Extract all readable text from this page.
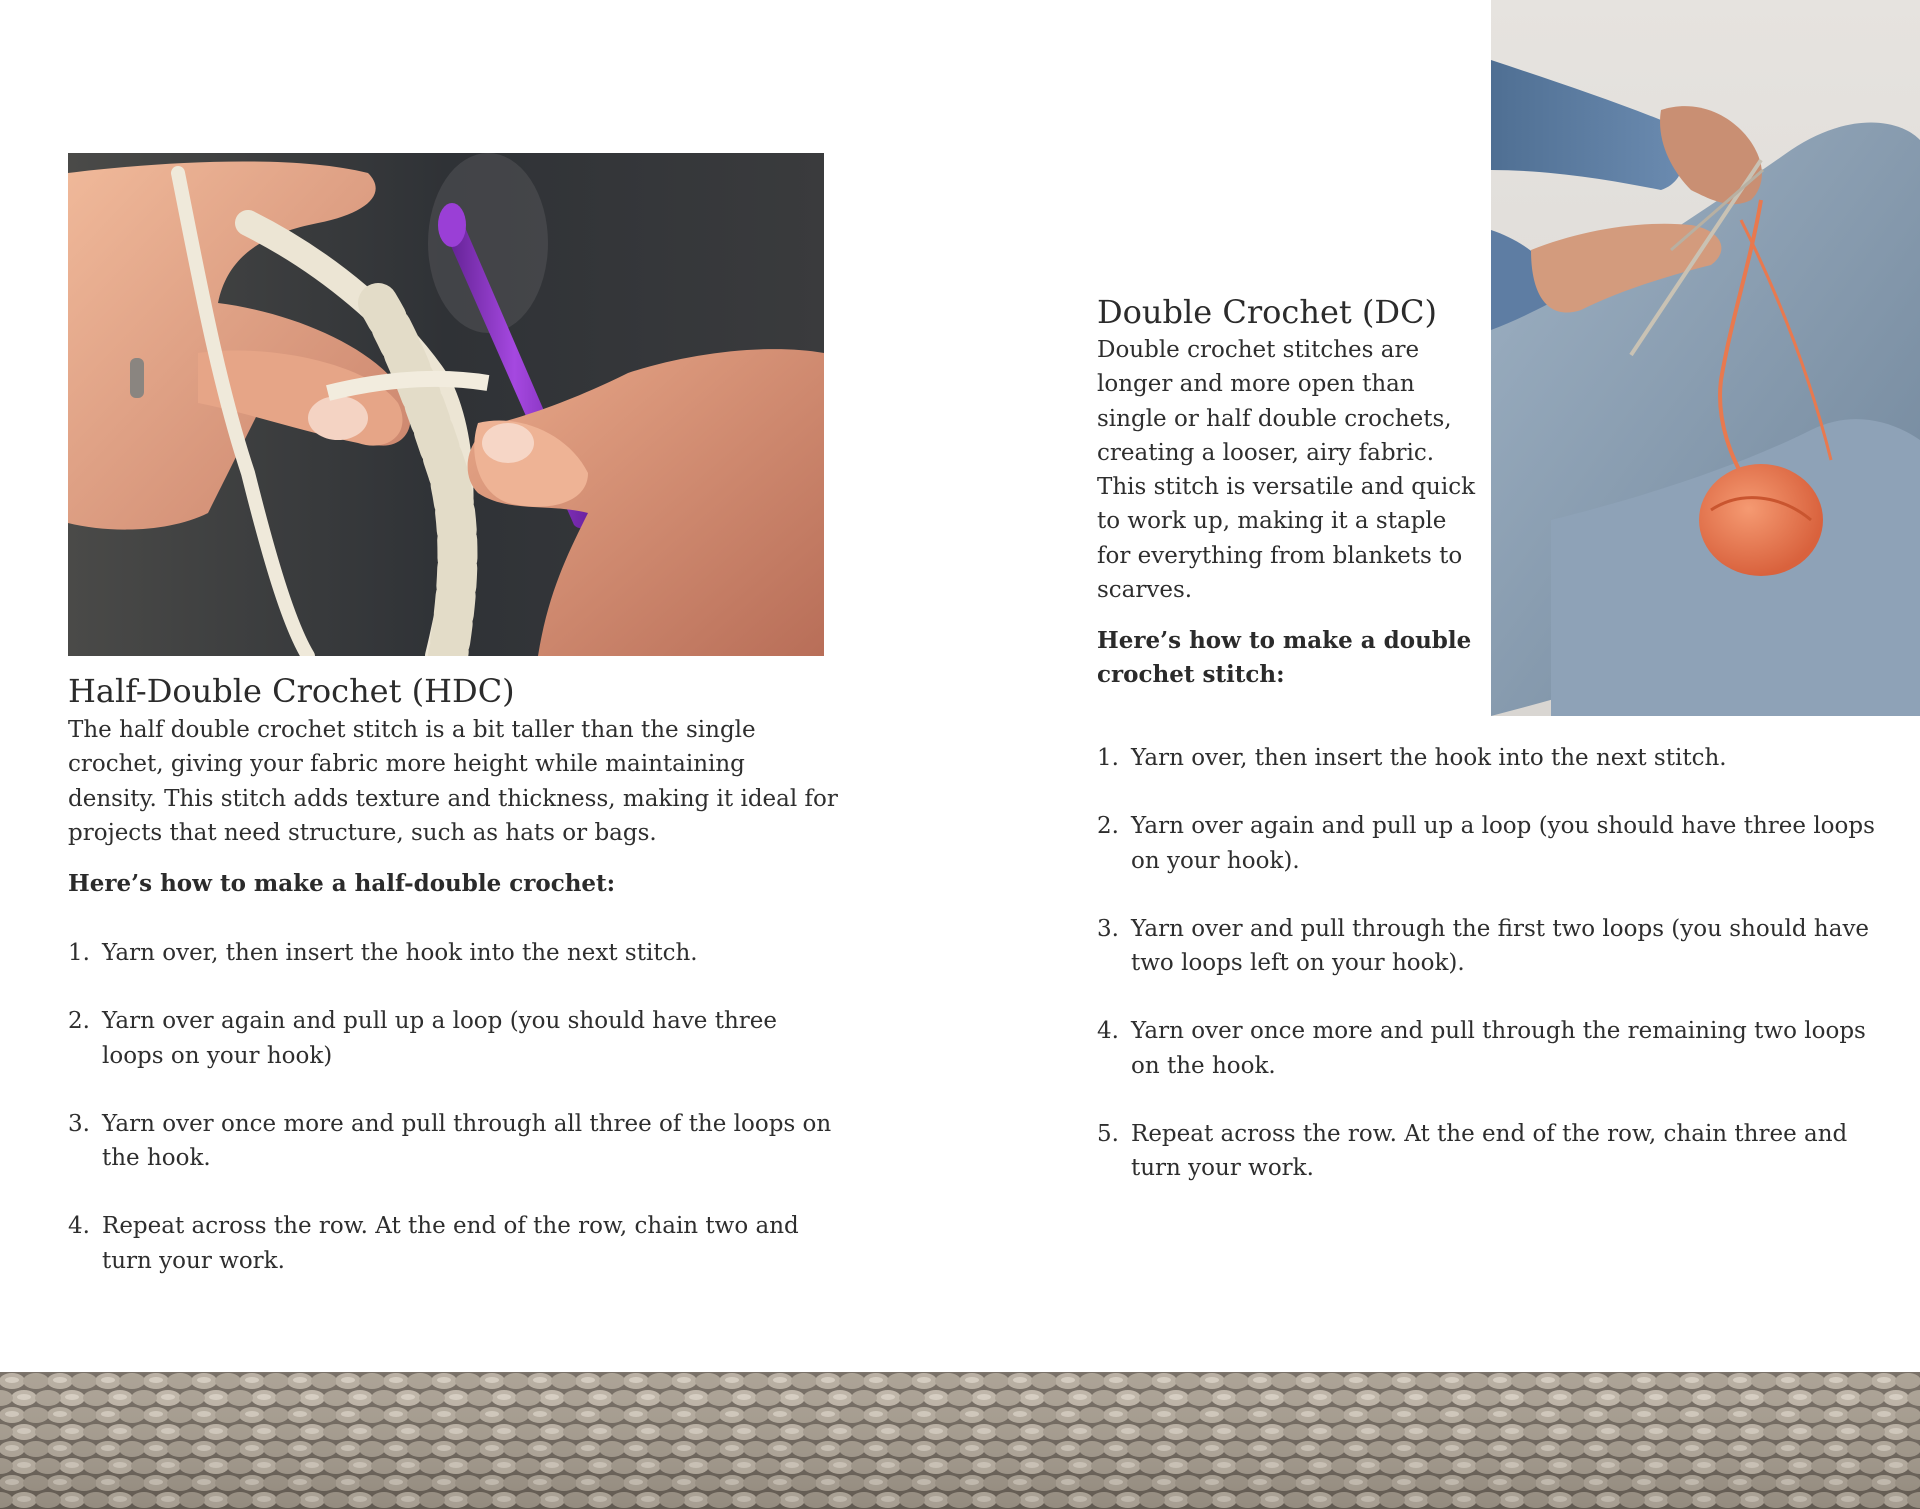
Half-Double Crochet (HDC)

The half double crochet stitch is a bit taller than the single crochet, giving your fabric more height while maintaining density. This stitch adds texture and thickness, making it ideal for projects that need structure, such as hats or bags.

Here’s how to make a half-double crochet:

1. Yarn over, then insert the hook into the next stitch.
2. Yarn over again and pull up a loop (you should have three loops on your hook)
3. Yarn over once more and pull through all three of the loops on the hook.
4. Repeat across the row. At the end of the row, chain two and turn your work.
Double Crochet (DC)

Double crochet stitches are longer and more open than single or half double crochets, creating a looser, airy fabric. This stitch is versatile and quick to work up, making it a staple for everything from blankets to scarves.

Here’s how to make a double crochet stitch:

1. Yarn over, then insert the hook into the next stitch.
2. Yarn over again and pull up a loop (you should have three loops on your hook).
3. Yarn over and pull through the first two loops (you should have two loops left on your hook).
4. Yarn over once more and pull through the remaining two loops on the hook.
5. Repeat across the row. At the end of the row, chain three and turn your work.
